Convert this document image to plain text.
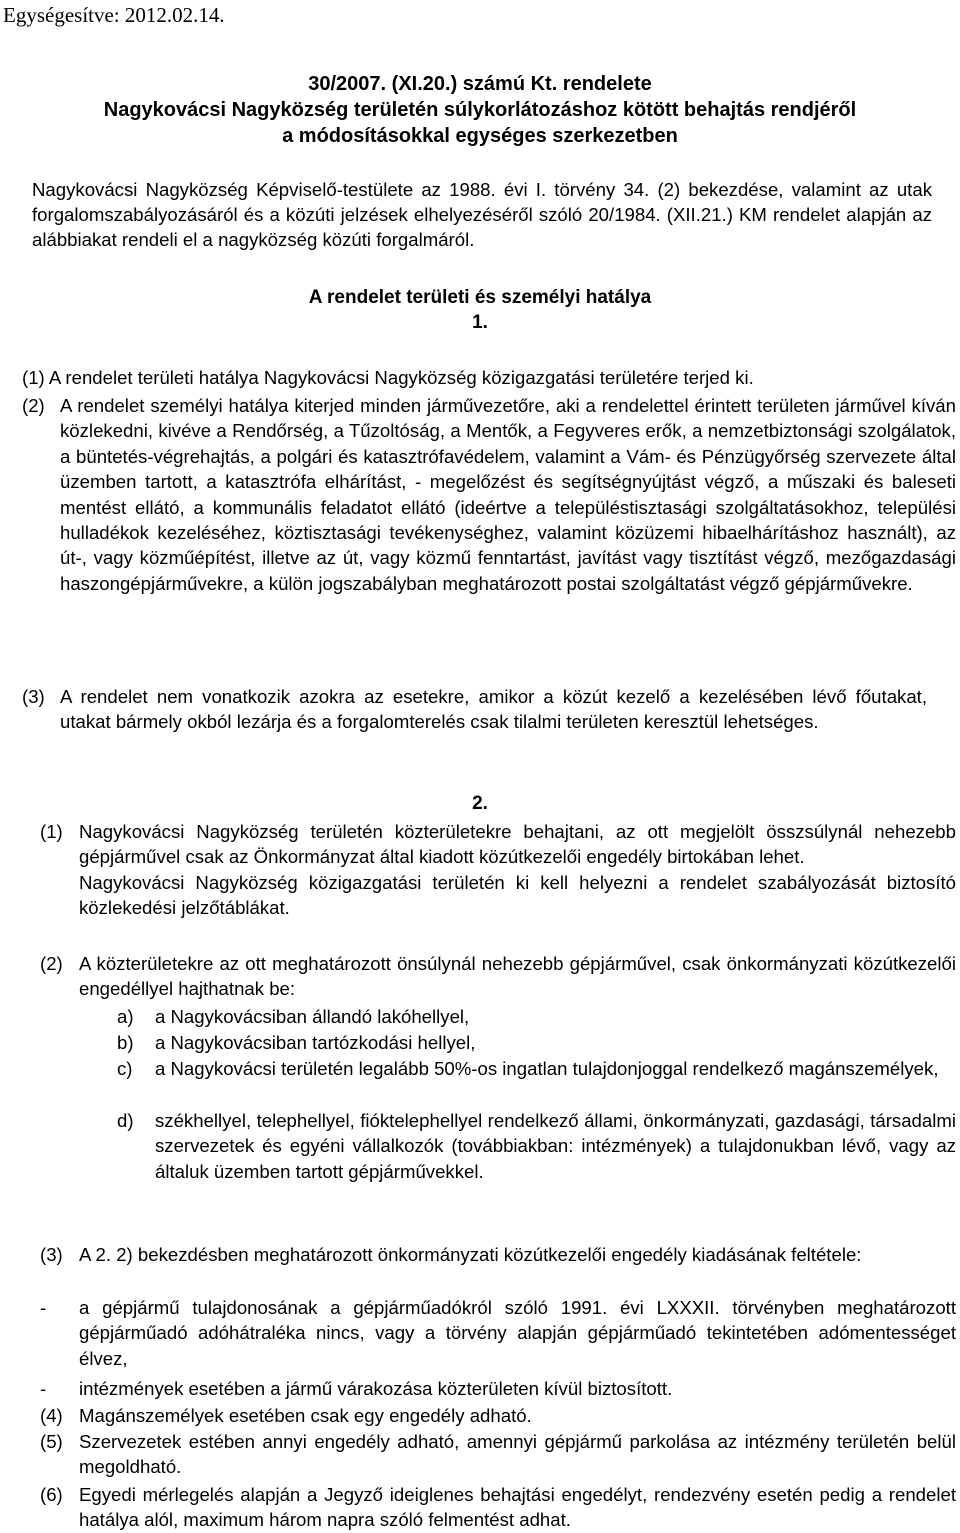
Egységesítve: 2012.02.14.
30/2007. (XI.20.) számú Kt. rendelete
Nagykovácsi Nagyközség területén súlykorlátozáshoz kötött behajtás rendjéről
a módosításokkal egységes szerkezetben
Nagykovácsi Nagyközség Képviselő-testülete az 1988. évi I. törvény 34. (2) bekezdése, valamint az utak forgalomszabályozásáról és a közúti jelzések elhelyezéséről szóló 20/1984. (XII.21.) KM rendelet alapján az alábbiakat rendeli el a nagyközség közúti forgalmáról.
A rendelet területi és személyi hatálya
1.
(1) A rendelet területi hatálya Nagykovácsi Nagyközség közigazgatási területére terjed ki.
(2) A rendelet személyi hatálya kiterjed minden járművezetőre, aki a rendelettel érintett területen járművel kíván közlekedni, kivéve a Rendőrség, a Tűzoltóság, a Mentők, a Fegyveres erők, a nemzetbiztonsági szolgálatok, a büntetés-végrehajtás, a polgári és katasztrófavédelem, valamint a Vám- és Pénzügyőrség szervezete által üzemben tartott, a katasztrófa elhárítást, - megelőzést és segítségnyújtást végző, a műszaki és baleseti mentést ellátó, a kommunális feladatot ellátó (ideértve a településtisztasági szolgáltatásokhoz, települési hulladékok kezeléséhez, köztisztasági tevékenységhez, valamint közüzemi hibaelhárításhoz használt), az út-, vagy közműépítést, illetve az út, vagy közmű fenntartást, javítást vagy tisztítást végző, mezőgazdasági haszongépjárművekre, a külön jogszabályban meghatározott postai szolgáltatást végző gépjárművekre.
(3) A rendelet nem vonatkozik azokra az esetekre, amikor a közút kezelő a kezelésében lévő főutakat, utakat bármely okból lezárja és a forgalomterelés csak tilalmi területen keresztül lehetséges.
2.
(1) Nagykovácsi Nagyközség területén közterületekre behajtani, az ott megjelölt összsúlynál nehezebb gépjárművel csak az Önkormányzat által kiadott közútkezelői engedély birtokában lehet.
Nagykovácsi Nagyközség közigazgatási területén ki kell helyezni a rendelet szabályozását biztosító közlekedési jelzőtáblákat.
(2) A közterületekre az ott meghatározott önsúlynál nehezebb gépjárművel, csak önkormányzati közútkezelői engedéllyel hajthatnak be:
a) a Nagykovácsiban állandó lakóhellyel,
b) a Nagykovácsiban tartózkodási hellyel,
c) a Nagykovácsi területén legalább 50%-os ingatlan tulajdonjoggal rendelkező magánszemélyek,
d) székhellyel, telephellyel, fióktelephellyel rendelkező állami, önkormányzati, gazdasági, társadalmi szervezetek és egyéni vállalkozók (továbbiakban: intézmények) a tulajdonukban lévő, vagy az általuk üzemben tartott gépjárművekkel.
(3) A 2. 2) bekezdésben meghatározott önkormányzati közútkezelői engedély kiadásának feltétele:
- a gépjármű tulajdonosának a gépjárműadókról szóló 1991. évi LXXXII. törvényben meghatározott gépjárműadó adóhátraléka nincs, vagy a törvény alapján gépjárműadó tekintetében adómentességet élvez,
- intézmények esetében a jármű várakozása közterületen kívül biztosított.
(4) Magánszemélyek esetében csak egy engedély adható.
(5) Szervezetek estében annyi engedély adható, amennyi gépjármű parkolása az intézmény területén belül megoldható.
(6) Egyedi mérlegelés alapján a Jegyző ideiglenes behajtási engedélyt, rendezvény esetén pedig a rendelet hatálya alól, maximum három napra szóló felmentést adhat.
